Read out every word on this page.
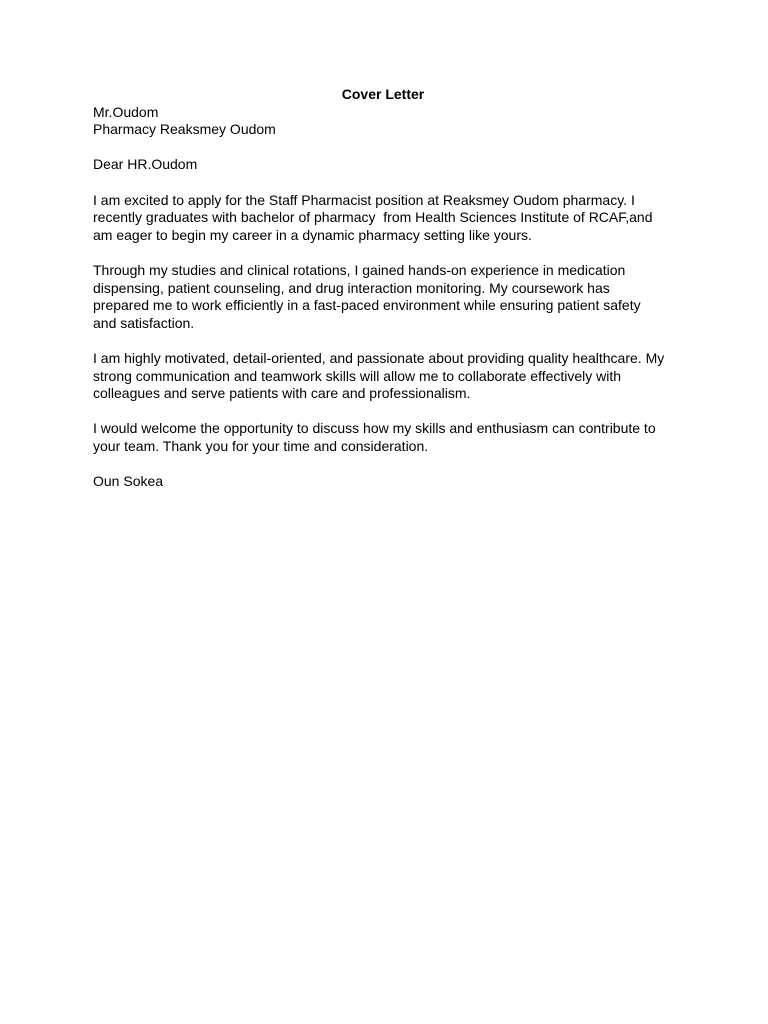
Cover Letter

Mr.Oudom

Pharmacy Reaksmey Oudom

Dear HR.Oudom

I am excited to apply for the Staff Pharmacist position at Reaksmey Oudom pharmacy. I
recently graduates with bachelor of pharmacy  from Health Sciences Institute of RCAF,and
am eager to begin my career in a dynamic pharmacy setting like yours.
Through my studies and clinical rotations, I gained hands-on experience in medication
dispensing, patient counseling, and drug interaction monitoring. My coursework has
prepared me to work efficiently in a fast-paced environment while ensuring patient safety
and satisfaction.
I am highly motivated, detail-oriented, and passionate about providing quality healthcare. My
strong communication and teamwork skills will allow me to collaborate effectively with
colleagues and serve patients with care and professionalism.
I would welcome the opportunity to discuss how my skills and enthusiasm can contribute to
your team. Thank you for your time and consideration.

Oun Sokea
